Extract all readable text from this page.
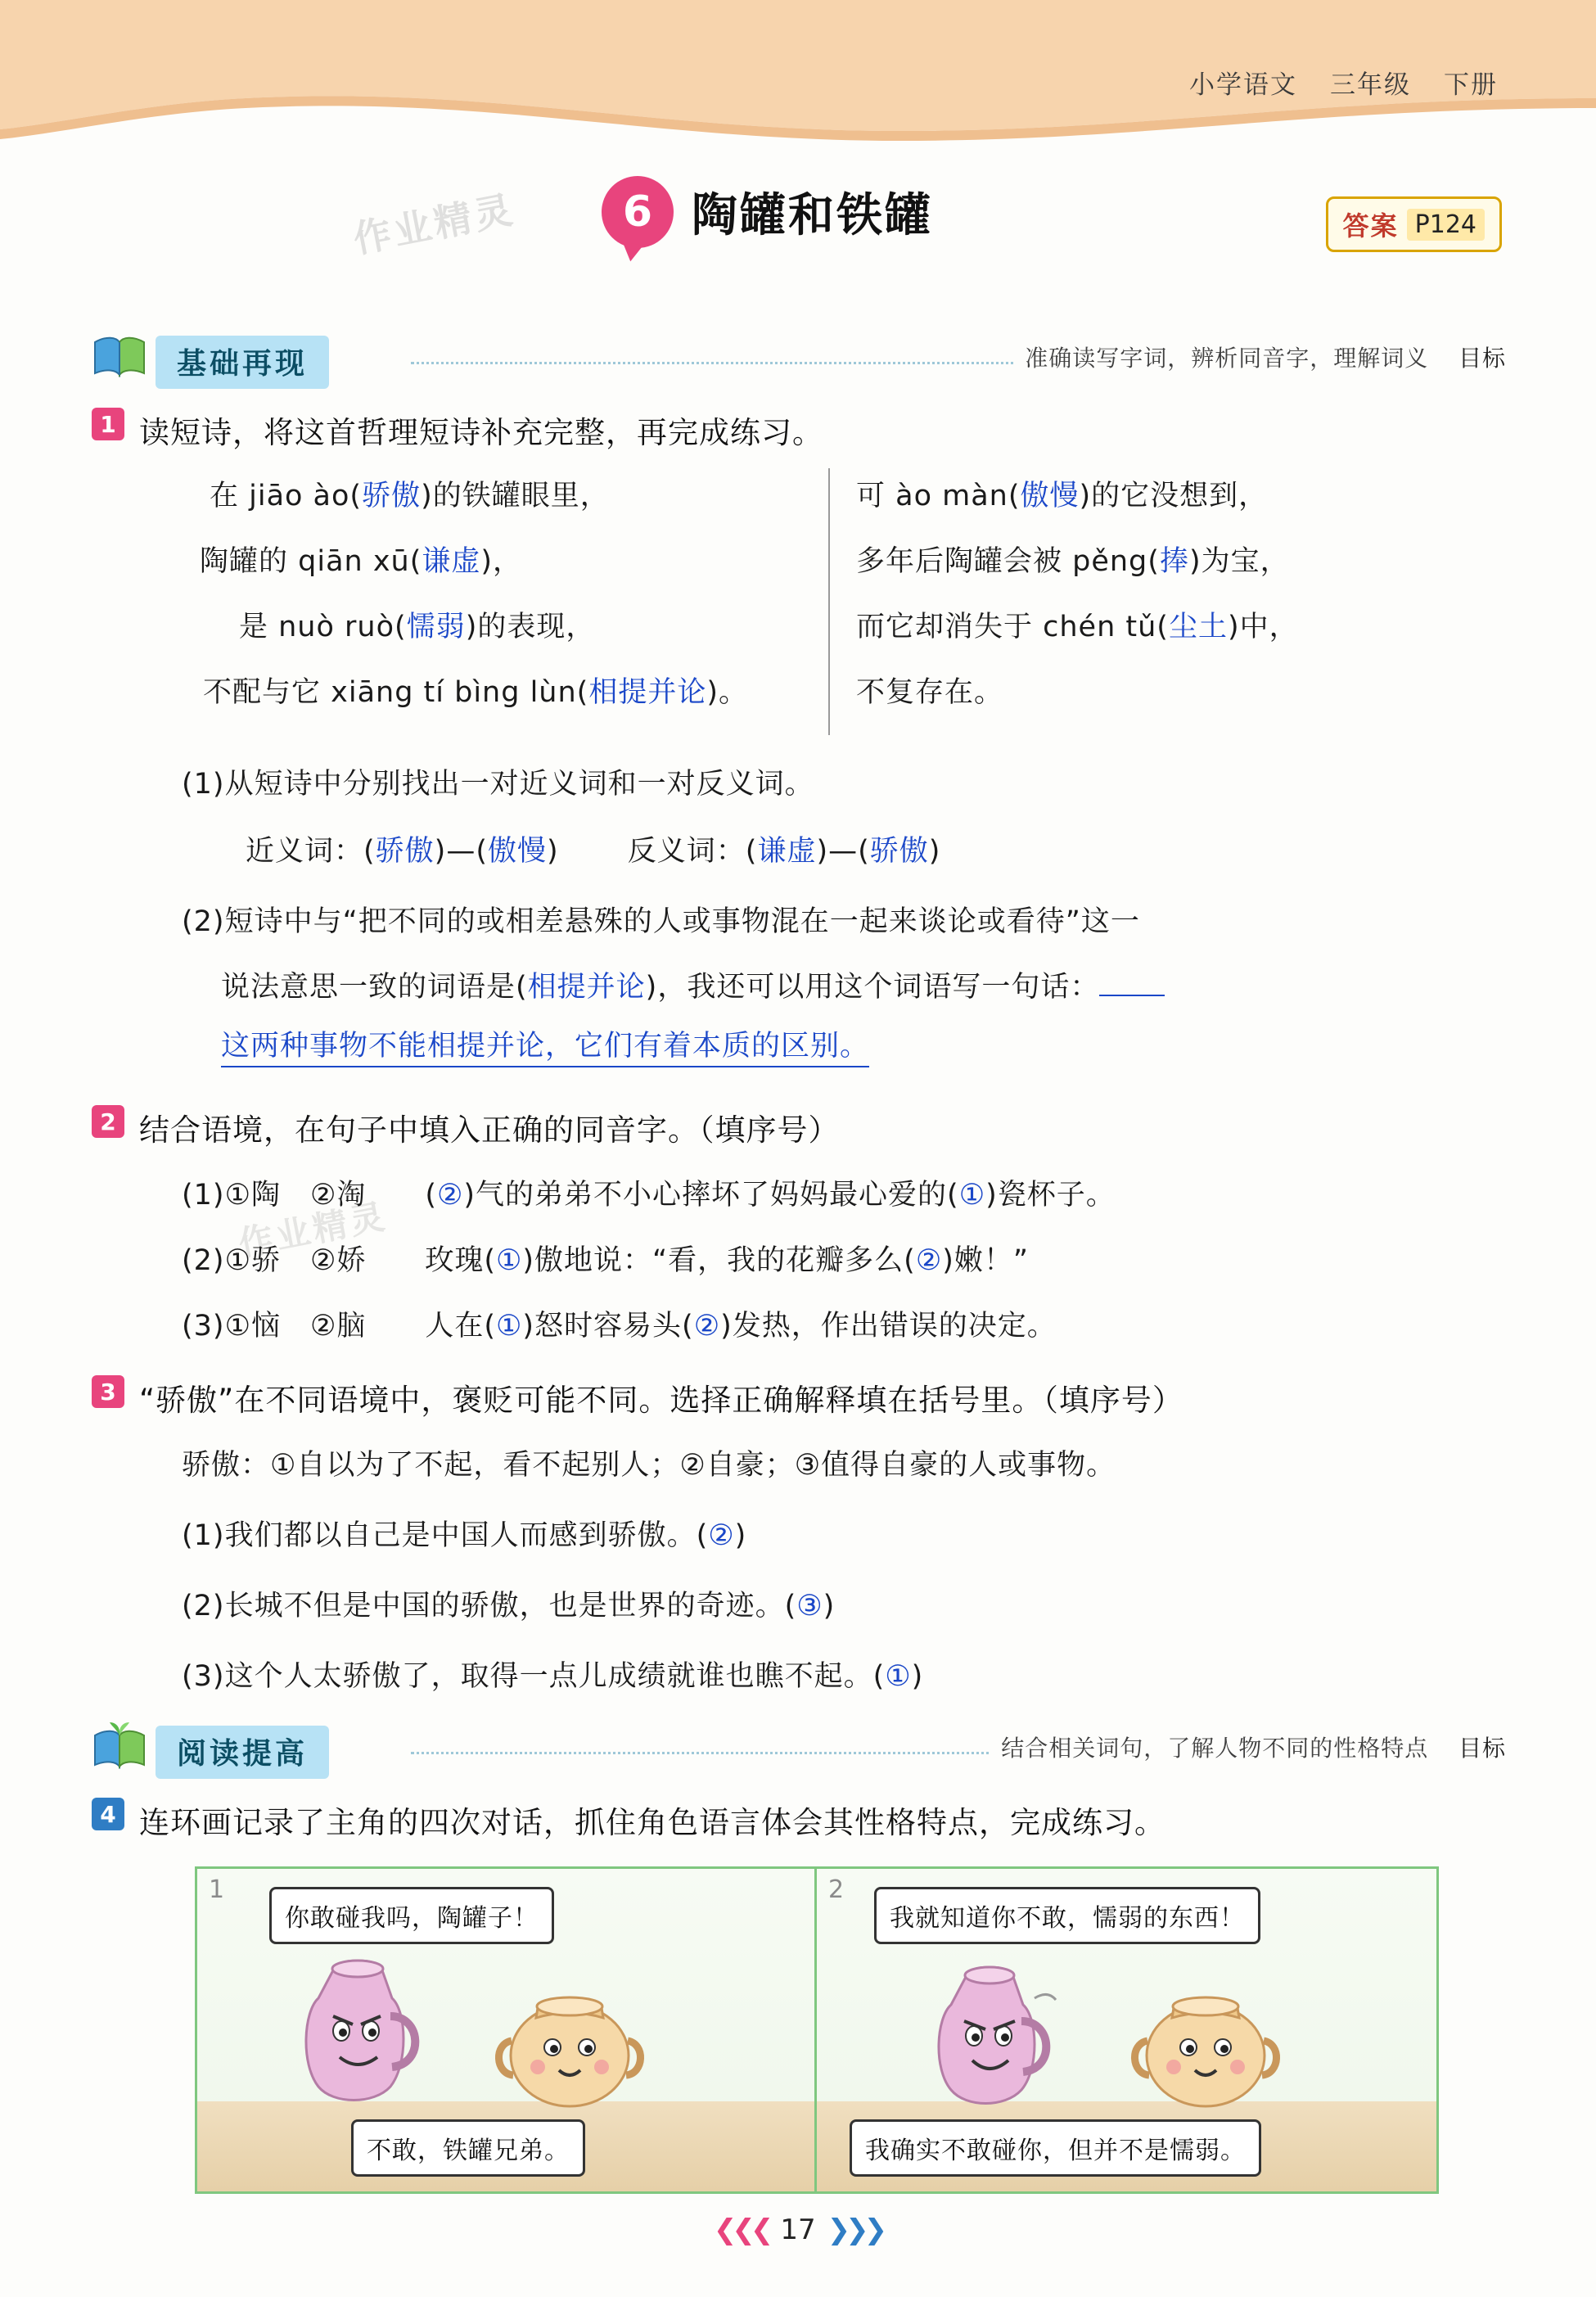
小学语文 三年级 下册
作业精灵
作业精灵
6 陶罐和铁罐	答案 P124
基础再现	准确读写字词，辨析同音字，理解词义 目标
1 读短诗，将这首哲理短诗补充完整，再完成练习。
在 jiāo ào(骄傲)的铁罐眼里，
陶罐的 qiān xū(谦虚)，
是 nuò ruò(懦弱)的表现，
不配与它 xiāng tí bìng lùn(相提并论)。
可 ào màn(傲慢)的它没想到，
多年后陶罐会被 pěng(捧)为宝，
而它却消失于 chén tǔ(尘土)中，
不复存在。
(1)从短诗中分别找出一对近义词和一对反义词。
近义词：(骄傲)—(傲慢) 反义词：(谦虚)—(骄傲)
(2)短诗中与“把不同的或相差悬殊的人或事物混在一起来谈论或看待”这一
说法意思一致的词语是(相提并论)，我还可以用这个词语写一句话：
这两种事物不能相提并论，它们有着本质的区别。
2 结合语境，在句子中填入正确的同音字。（填序号）
(1)①陶　②淘　　(②)气的弟弟不小心摔坏了妈妈最心爱的(①)瓷杯子。
(2)①骄　②娇　　玫瑰(①)傲地说：“看，我的花瓣多么(②)嫩！”
(3)①恼　②脑　　人在(①)怒时容易头(②)发热，作出错误的决定。
3 “骄傲”在不同语境中，褒贬可能不同。选择正确解释填在括号里。（填序号）
骄傲：①自以为了不起，看不起别人；②自豪；③值得自豪的人或事物。
(1)我们都以自己是中国人而感到骄傲。(②)
(2)长城不但是中国的骄傲，也是世界的奇迹。(③)
(3)这个人太骄傲了，取得一点儿成绩就谁也瞧不起。(①)
阅读提高	结合相关词句，了解人物不同的性格特点 目标
4 连环画记录了主角的四次对话，抓住角色语言体会其性格特点，完成练习。
1
你敢碰我吗，陶罐子！
不敢，铁罐兄弟。
2
我就知道你不敢，懦弱的东西！
我确实不敢碰你，但并不是懦弱。
❮❮❮ 17 ❯❯❯
